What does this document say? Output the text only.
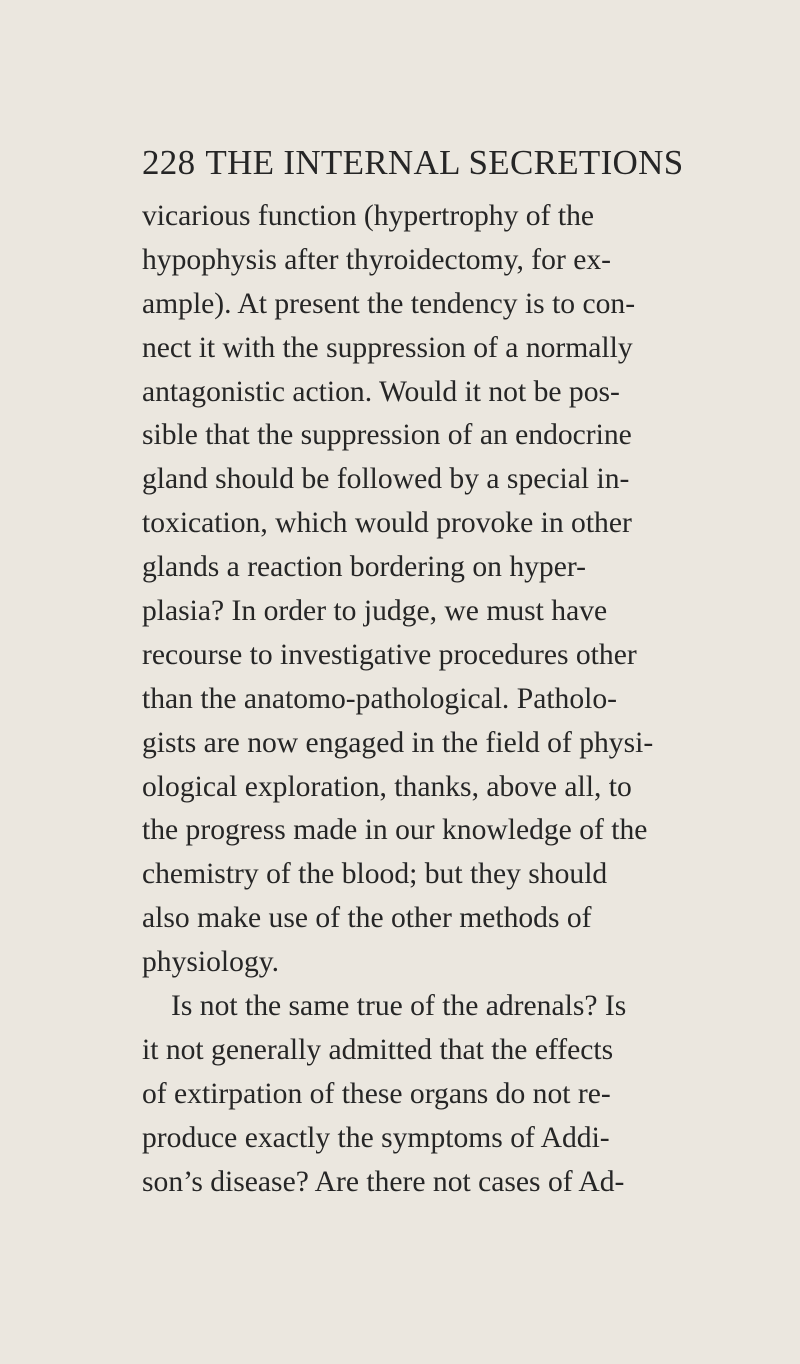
228 THE INTERNAL SECRETIONS
vicarious function (hypertrophy of the
hypophysis after thyroidectomy, for ex-
ample). At present the tendency is to con-
nect it with the suppression of a normally
antagonistic action. Would it not be pos-
sible that the suppression of an endocrine
gland should be followed by a special in-
toxication, which would provoke in other
glands a reaction bordering on hyper-
plasia? In order to judge, we must have
recourse to investigative procedures other
than the anatomo-pathological. Patholo-
gists are now engaged in the field of physi-
ological exploration, thanks, above all, to
the progress made in our knowledge of the
chemistry of the blood; but they should
also make use of the other methods of
physiology.
Is not the same true of the adrenals? Is
it not generally admitted that the effects
of extirpation of these organs do not re-
produce exactly the symptoms of Addi-
son’s disease? Are there not cases of Ad-
